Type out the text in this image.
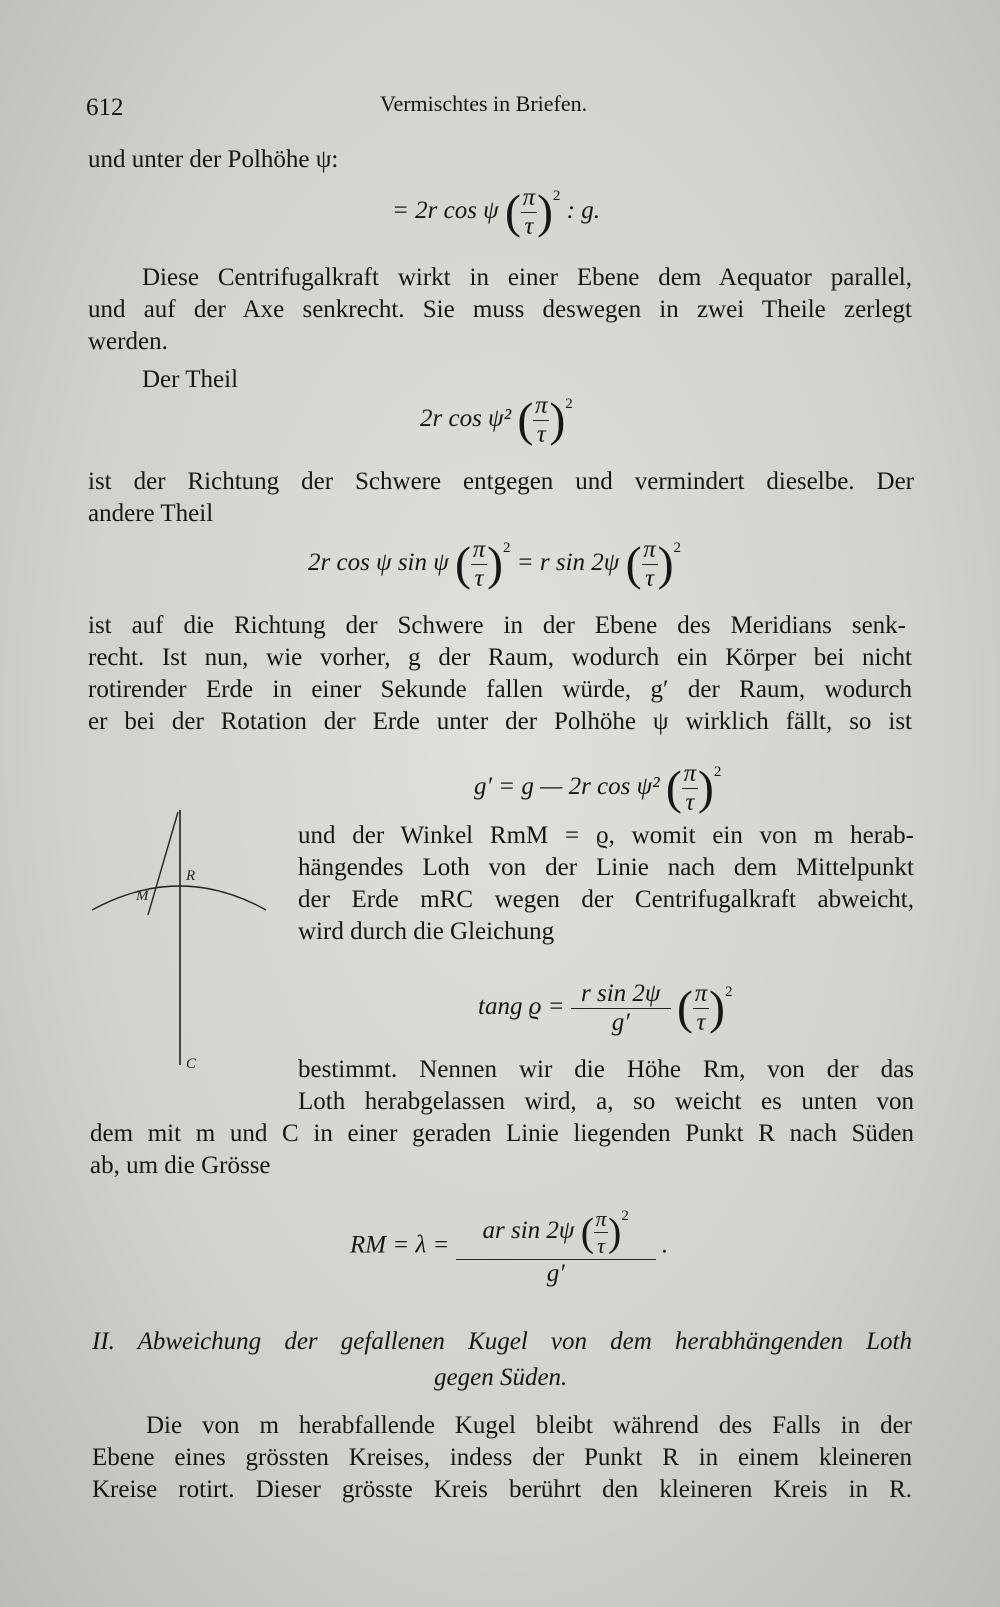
612	Vermischtes in Briefen.
und unter der Polhöhe ψ:
= 2r cos ψ $(\frac{\pi}{\tau})^2$ : g.
Diese Centrifugalkraft wirkt in einer Ebene dem Aequator parallel,
und auf der Axe senkrecht. Sie muss deswegen in zwei Theile zerlegt
werden.
Der Theil
2r cos ψ² $(\frac{\pi}{\tau})^2$
ist der Richtung der Schwere entgegen und vermindert dieselbe. Der
andere Theil
2r cos ψ sin ψ $(\frac{\pi}{\tau})^2 = r$ sin 2ψ $(\frac{\pi}{\tau})^2$
ist auf die Richtung der Schwere in der Ebene des Meridians senk-
recht. Ist nun, wie vorher, g der Raum, wodurch ein Körper bei nicht
rotirender Erde in einer Sekunde fallen würde, g′ der Raum, wodurch
er bei der Rotation der Erde unter der Polhöhe ψ wirklich fällt, so ist
g′ = g — 2r cos ψ² $(\frac{\pi}{\tau})^2$
R
M
C
und der Winkel RmM = ϱ, womit ein von m herab-
hängendes Loth von der Linie nach dem Mittelpunkt
der Erde mRC wegen der Centrifugalkraft abweicht,
wird durch die Gleichung
tang $ϱ = \frac{\text{r sin 2ψ}}{g'} (\frac{\pi}{\tau})^2$
bestimmt. Nennen wir die Höhe Rm, von der das
Loth herabgelassen wird, a, so weicht es unten von
dem mit m und C in einer geraden Linie liegenden Punkt R nach Süden
ab, um die Grösse
RM = λ = ar sin 2ψ $(\frac{\pi}{\tau})^2$
g′ .
II. Abweichung der gefallenen Kugel von dem herabhängenden Loth
gegen Süden.
Die von m herabfallende Kugel bleibt während des Falls in der
Ebene eines grössten Kreises, indess der Punkt R in einem kleineren
Kreise rotirt. Dieser grösste Kreis berührt den kleineren Kreis in R.
